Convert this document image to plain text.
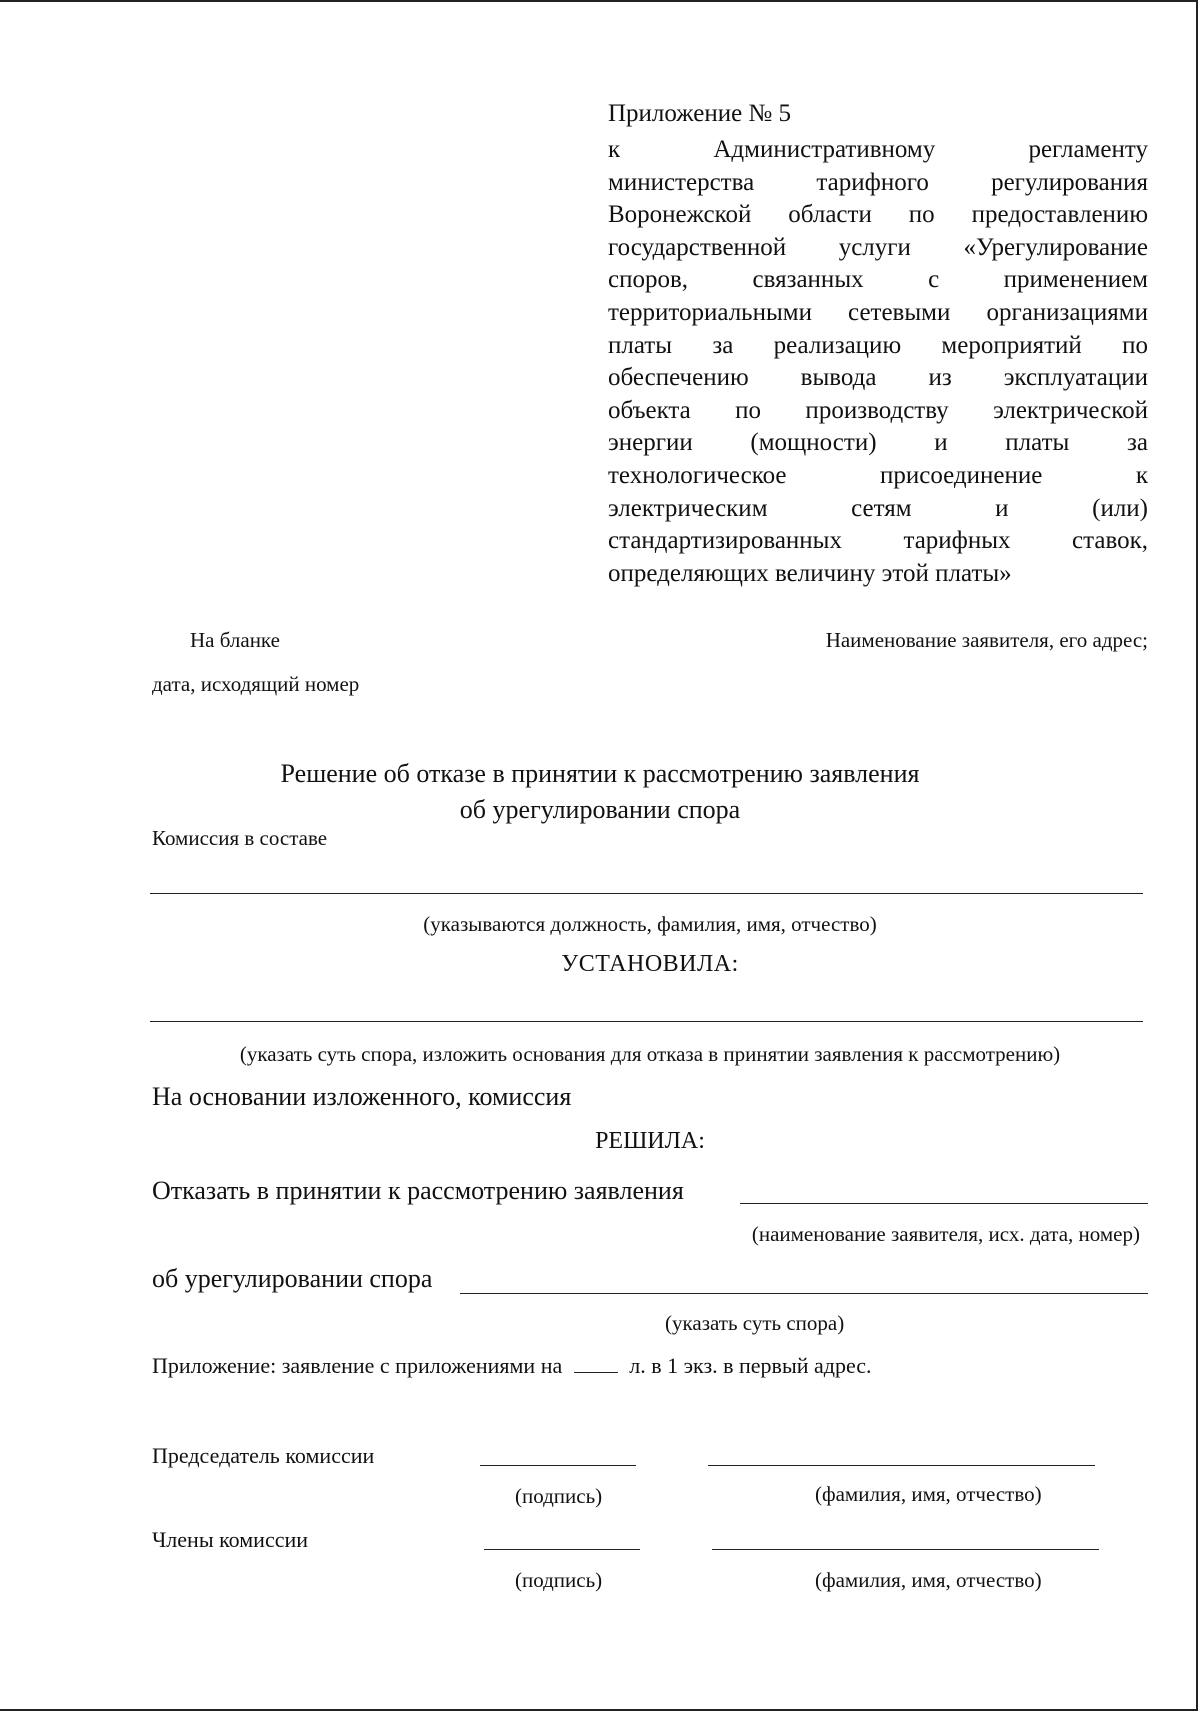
Приложение № 5
к Административному регламенту
министерства тарифного регулирования
Воронежской области по предоставлению
государственной услуги «Урегулирование
споров, связанных с применением
территориальными сетевыми организациями
платы за реализацию мероприятий по
обеспечению вывода из эксплуатации
объекта по производству электрической
энергии (мощности) и платы за
технологическое присоединение к
электрическим сетям и (или)
стандартизированных тарифных ставок,
определяющих величину этой платы»
На бланке	Наименование заявителя, его адрес;
дата, исходящий номер
Решение об отказе в принятии к рассмотрению заявления
об урегулировании спора
Комиссия в составе
(указываются должность, фамилия, имя, отчество)
УСТАНОВИЛА:
(указать суть спора, изложить основания для отказа в принятии заявления к рассмотрению)
На основании изложенного, комиссия
РЕШИЛА:
Отказать в принятии к рассмотрению заявления
(наименование заявителя, исх. дата, номер)
об урегулировании спора
(указать суть спора)
Приложение: заявление с приложениями на	л. в 1 экз. в первый адрес.
Председатель комиссии
(подпись)	(фамилия, имя, отчество)
Члены комиссии
(подпись)	(фамилия, имя, отчество)
